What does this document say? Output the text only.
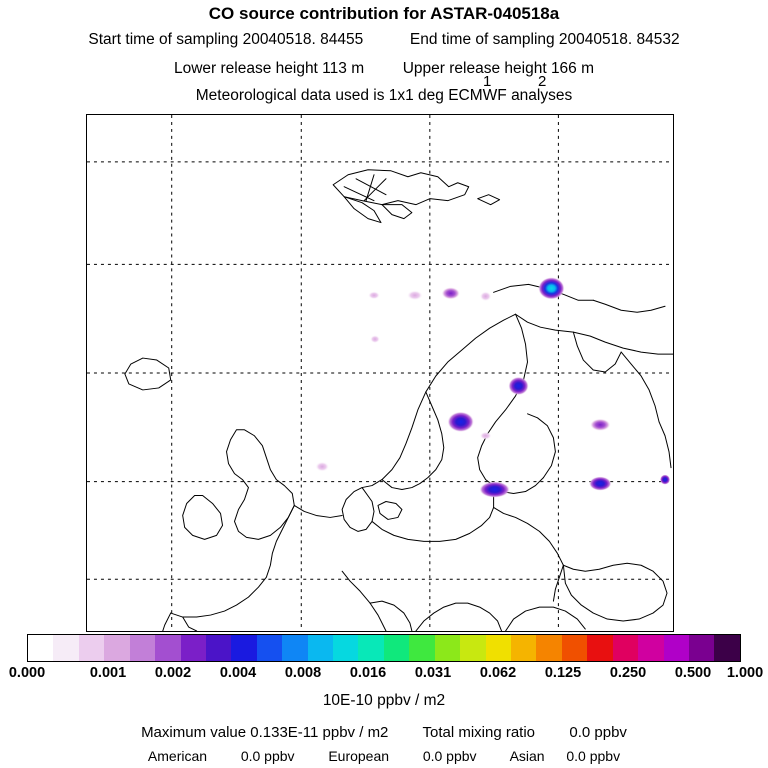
CO source contribution for ASTAR-040518a
Start time of sampling 20040518. 84455	End time of sampling 20040518. 84532
Lower release height 113 m Upper release height 166 m
Meteorological data used is 1x1 deg ECMWF analyses
1	2
0.000	0.001 0.002 0.004 0.008 0.016 0.031 0.062 0.125 0.250 0.500 1.000
10E-10 ppbv / m2
Maximum value 0.133E-11 ppbv / m2 Total mixing ratio 0.0 ppbv
American 0.0 ppbv European 0.0 ppbv Asian 0.0 ppbv
